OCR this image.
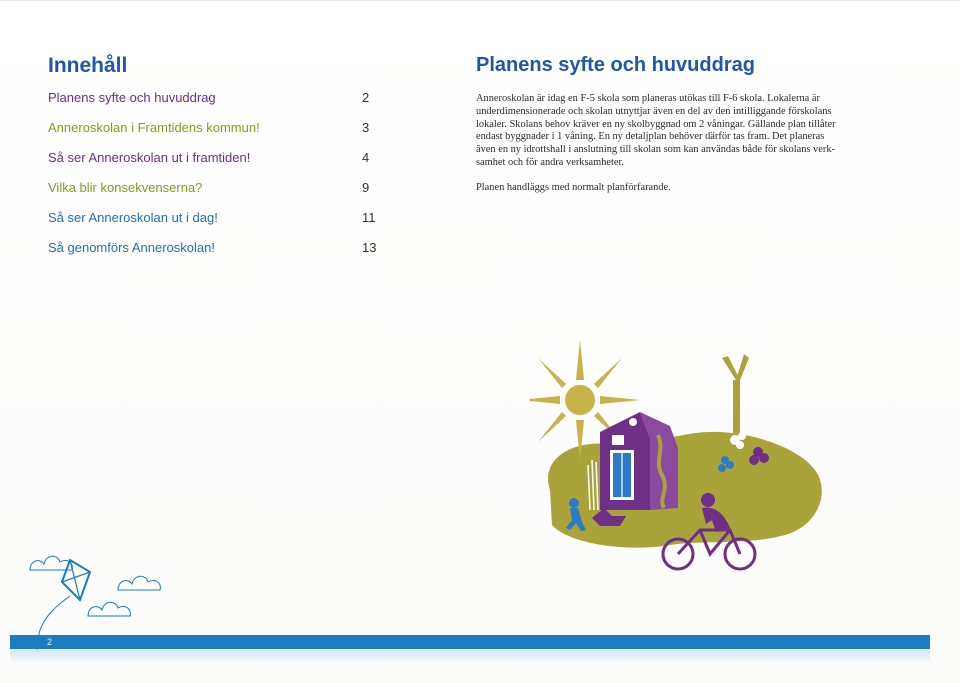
Innehåll
Planens syfte och huvuddrag	2
Anneroskolan i Framtidens kommun!	3
Så ser Anneroskolan ut i framtiden!	4
Vilka blir konsekvenserna?	9
Så ser Anneroskolan ut i dag!	11
Så genomförs Anneroskolan!	13
Planens syfte och huvuddrag

Anneroskolan är idag en F-5 skola som planeras utökas till F-6 skola. Lokalerna är
underdimensionerade och skolan utnyttjar även en del av den intilliggande förskolans
lokaler. Skolans behov kräver en ny skolbyggnad om 2 våningar. Gällande plan tillåter
endast byggnader i 1 våning. En ny detaljplan behöver därför tas fram. Det planeras
även en ny idrottshall i anslutning till skolan som kan användas både för skolans verk-
samhet och för andra verksamheter.

Planen handläggs med normalt planförfarande.

2
